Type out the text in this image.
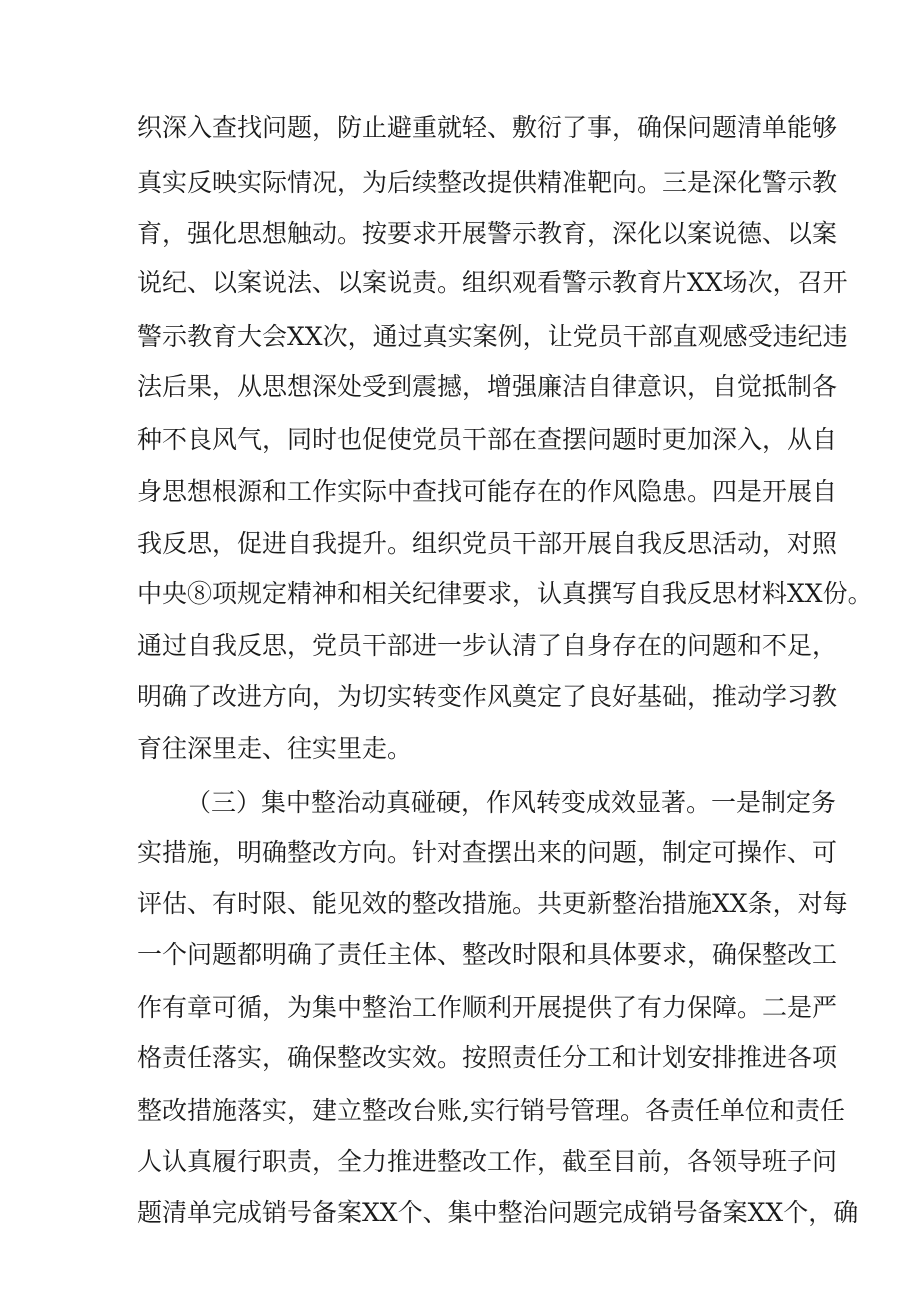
织深入查找问题，防止避重就轻、敷衍了事，确保问题清单能够
真实反映实际情况，为后续整改提供精准靶向。三是深化警示教
育，强化思想触动。按要求开展警示教育，深化以案说德、以案
说纪、以案说法、以案说责。组织观看警示教育片XX场次，召开
警示教育大会XX次，通过真实案例，让党员干部直观感受违纪违
法后果，从思想深处受到震撼，增强廉洁自律意识，自觉抵制各
种不良风气，同时也促使党员干部在查摆问题时更加深入，从自
身思想根源和工作实际中查找可能存在的作风隐患。四是开展自
我反思，促进自我提升。组织党员干部开展自我反思活动，对照
中央⑧项规定精神和相关纪律要求，认真撰写自我反思材料XX份。
通过自我反思，党员干部进一步认清了自身存在的问题和不足，
明确了改进方向，为切实转变作风奠定了良好基础，推动学习教
育往深里走、往实里走。
（三）集中整治动真碰硬，作风转变成效显著。一是制定务
实措施，明确整改方向。针对查摆出来的问题，制定可操作、可
评估、有时限、能见效的整改措施。共更新整治措施XX条，对每
一个问题都明确了责任主体、整改时限和具体要求，确保整改工
作有章可循，为集中整治工作顺利开展提供了有力保障。二是严
格责任落实，确保整改实效。按照责任分工和计划安排推进各项
整改措施落实，建立整改台账,实行销号管理。各责任单位和责任
人认真履行职责，全力推进整改工作，截至目前，各领导班子问
题清单完成销号备案XX个、集中整治问题完成销号备案XX个，确
